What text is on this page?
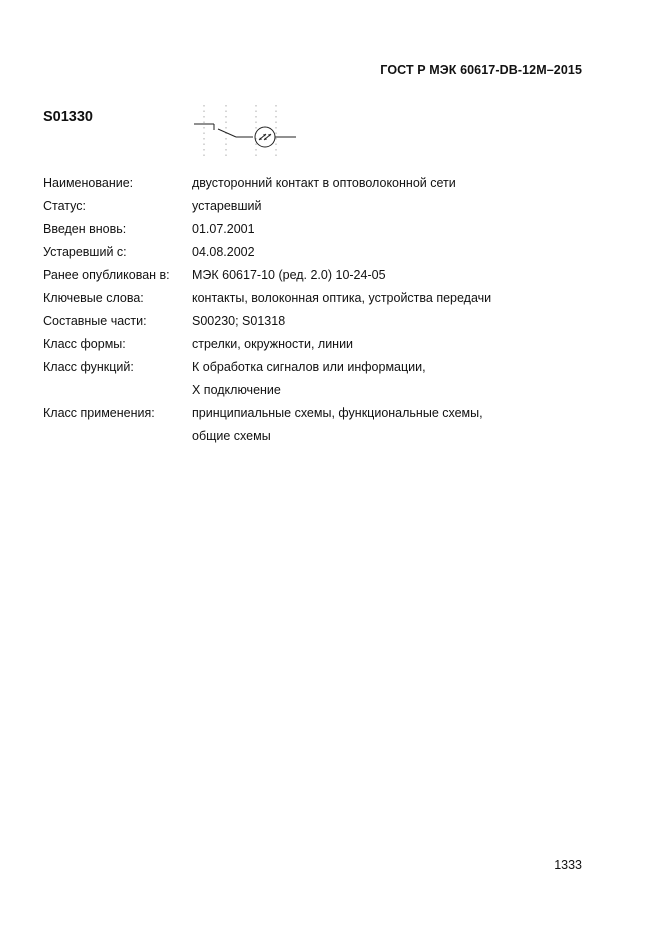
ГОСТ Р МЭК 60617-DB-12M–2015
S01330
Наименование:	двусторонний контакт в оптоволоконной сети
Статус:	устаревший
Введен вновь:	01.07.2001
Устаревший с:	04.08.2002
Ранее опубликован в:	МЭК 60617-10 (ред. 2.0) 10-24-05
Ключевые слова:	контакты, волоконная оптика, устройства передачи
Составные части:	S00230; S01318
Класс формы:	стрелки, окружности, линии
Класс функций:	К обработка сигналов или информации,
Х подключение
Класс применения:	принципиальные схемы, функциональные схемы,
общие схемы
1333
